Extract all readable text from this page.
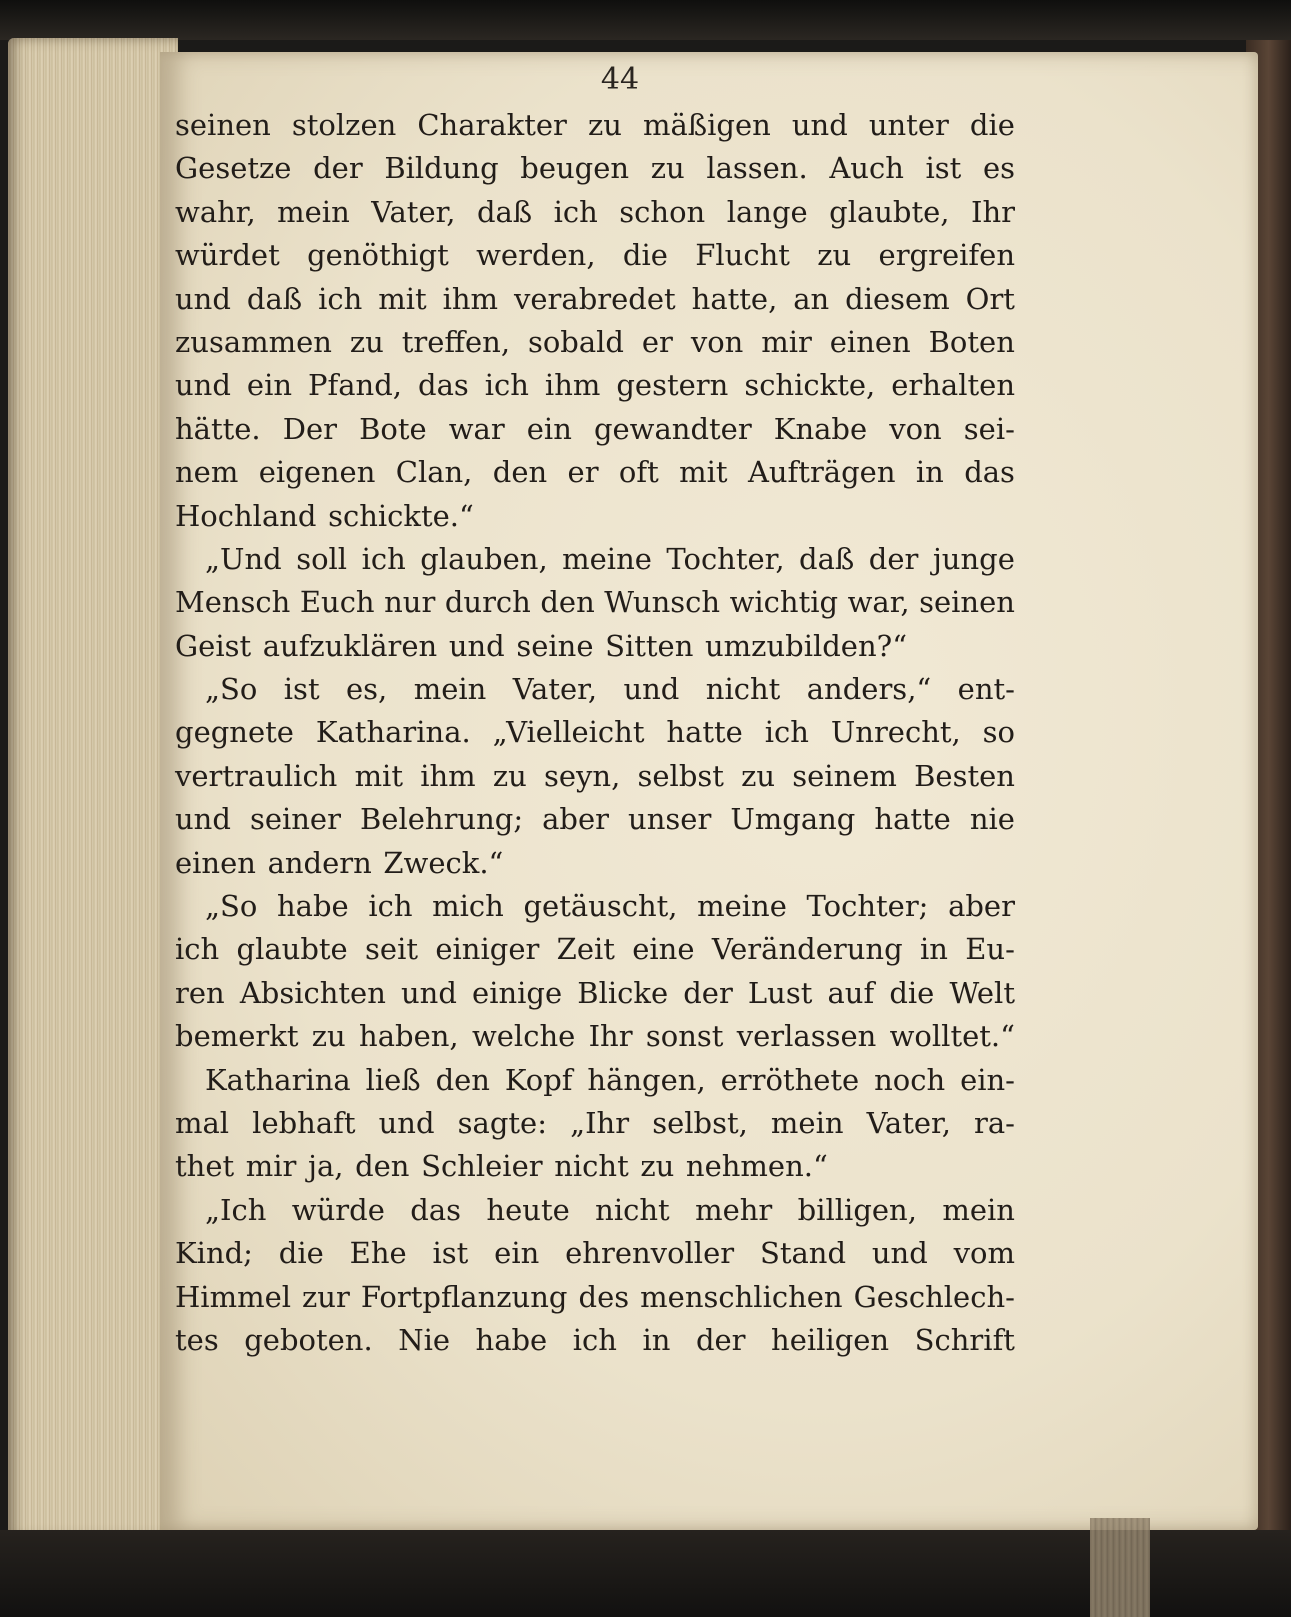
44
seinen stolzen Charakter zu mäßigen und unter die
Gesetze der Bildung beugen zu lassen. Auch ist es
wahr, mein Vater, daß ich schon lange glaubte, Ihr
würdet genöthigt werden, die Flucht zu ergreifen
und daß ich mit ihm verabredet hatte, an diesem Ort
zusammen zu treffen, sobald er von mir einen Boten
und ein Pfand, das ich ihm gestern schickte, erhalten
hätte. Der Bote war ein gewandter Knabe von sei-
nem eigenen Clan, den er oft mit Aufträgen in das
Hochland schickte.“
„Und soll ich glauben, meine Tochter, daß der junge
Mensch Euch nur durch den Wunsch wichtig war, seinen
Geist aufzuklären und seine Sitten umzubilden?“
„So ist es, mein Vater, und nicht anders,“ ent-
gegnete Katharina. „Vielleicht hatte ich Unrecht, so
vertraulich mit ihm zu seyn, selbst zu seinem Besten
und seiner Belehrung; aber unser Umgang hatte nie
einen andern Zweck.“
„So habe ich mich getäuscht, meine Tochter; aber
ich glaubte seit einiger Zeit eine Veränderung in Eu-
ren Absichten und einige Blicke der Lust auf die Welt
bemerkt zu haben, welche Ihr sonst verlassen wolltet.“
Katharina ließ den Kopf hängen, erröthete noch ein-
mal lebhaft und sagte: „Ihr selbst, mein Vater, ra-
thet mir ja, den Schleier nicht zu nehmen.“
„Ich würde das heute nicht mehr billigen, mein
Kind; die Ehe ist ein ehrenvoller Stand und vom
Himmel zur Fortpflanzung des menschlichen Geschlech-
tes geboten. Nie habe ich in der heiligen Schrift
